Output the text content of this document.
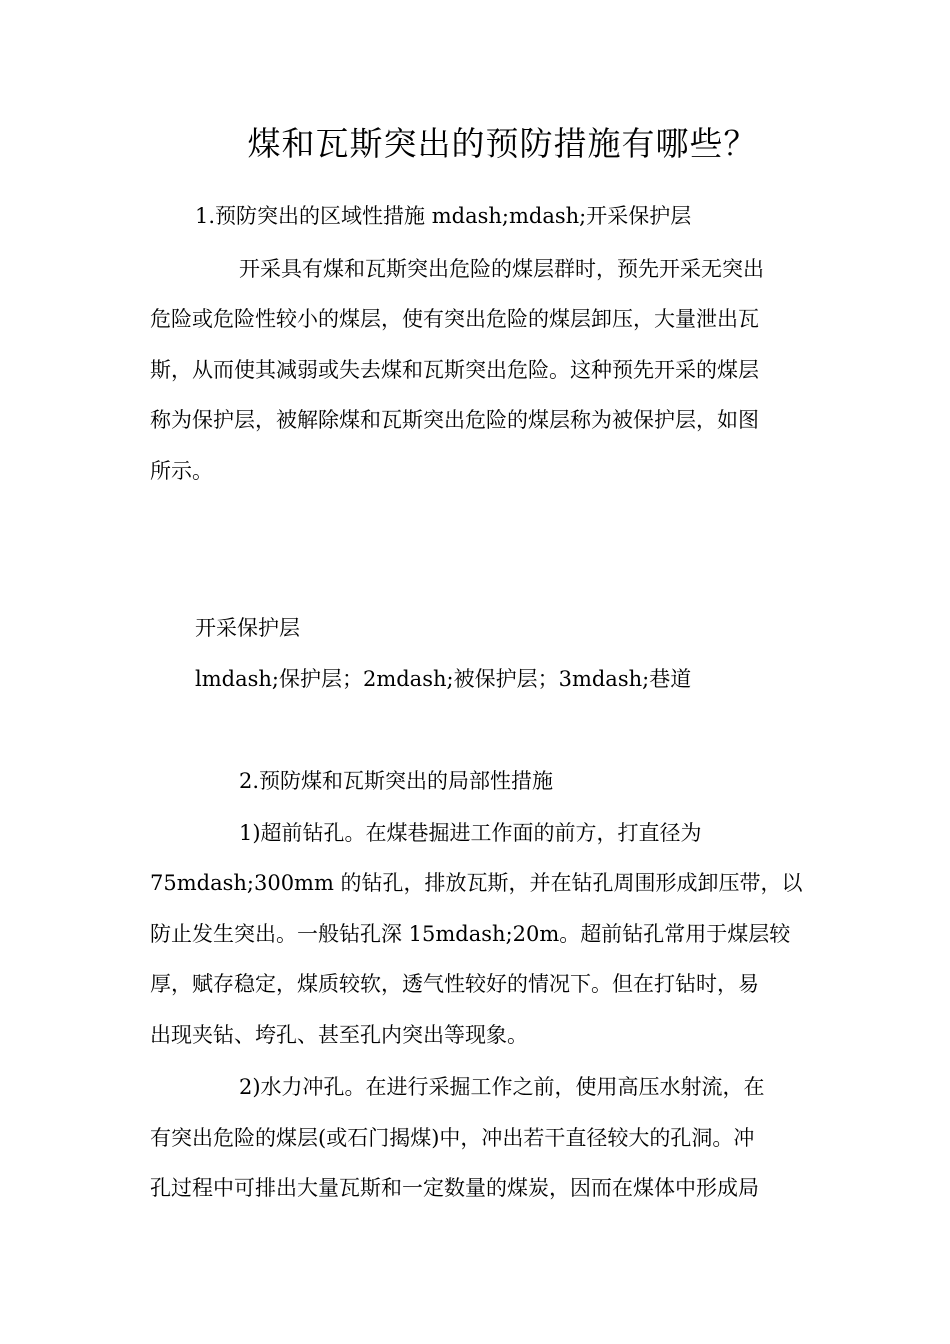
煤和瓦斯突出的预防措施有哪些？
1.预防突出的区域性措施 mdash;mdash;开采保护层
开采具有煤和瓦斯突出危险的煤层群时，预先开采无突出
危险或危险性较小的煤层，使有突出危险的煤层卸压，大量泄出瓦
斯，从而使其减弱或失去煤和瓦斯突出危险。这种预先开采的煤层
称为保护层，被解除煤和瓦斯突出危险的煤层称为被保护层，如图
所示。
开采保护层
lmdash;保护层；2mdash;被保护层；3mdash;巷道
2.预防煤和瓦斯突出的局部性措施
1)超前钻孔。在煤巷掘进工作面的前方，打直径为
75mdash;300mm 的钻孔，排放瓦斯，并在钻孔周围形成卸压带，以
防止发生突出。一般钻孔深 15mdash;20m。超前钻孔常用于煤层较
厚，赋存稳定，煤质较软，透气性较好的情况下。但在打钻时，易
出现夹钻、垮孔、甚至孔内突出等现象。
2)水力冲孔。在进行采掘工作之前，使用高压水射流，在
有突出危险的煤层(或石门揭煤)中，冲出若干直径较大的孔洞。冲
孔过程中可排出大量瓦斯和一定数量的煤炭，因而在煤体中形成局
